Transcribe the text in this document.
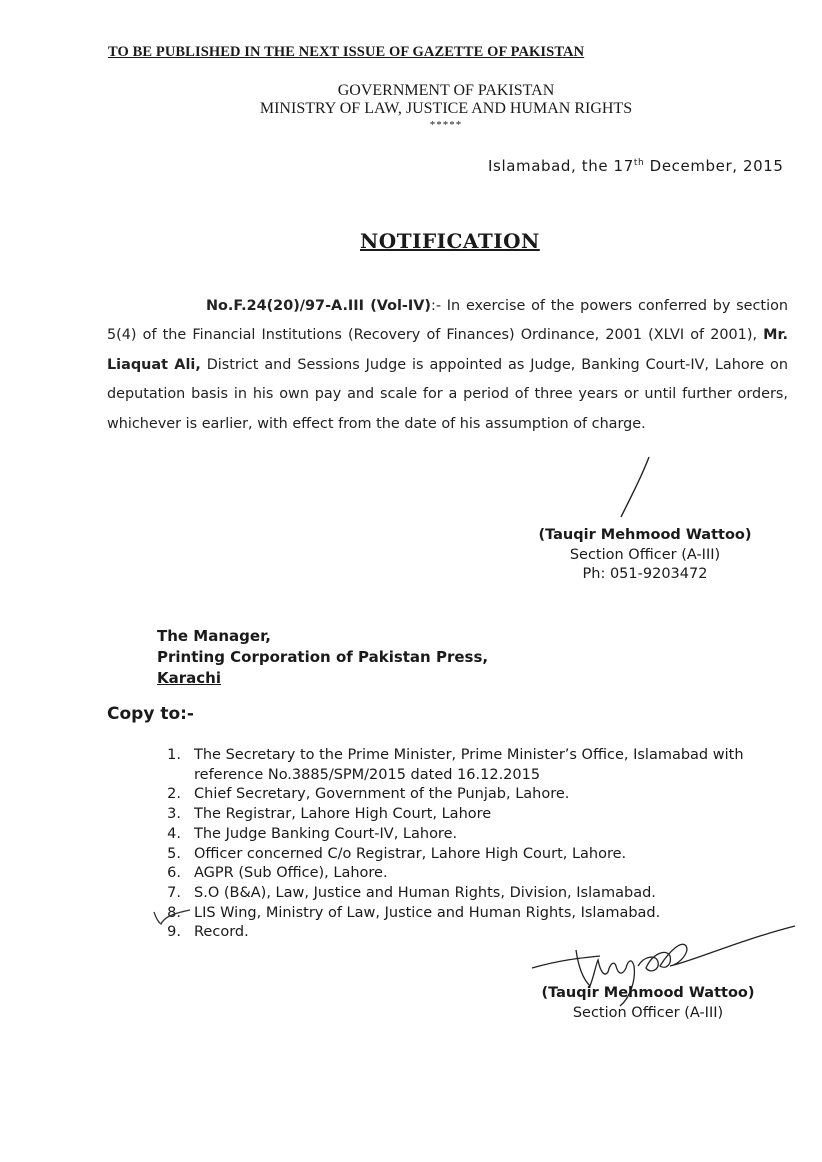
TO BE PUBLISHED IN THE NEXT ISSUE OF GAZETTE OF PAKISTAN
GOVERNMENT OF PAKISTAN
MINISTRY OF LAW, JUSTICE AND HUMAN RIGHTS
*****
Islamabad, the 17th December, 2015
NOTIFICATION
No.F.24(20)/97-A.III (Vol-IV):- In exercise of the powers conferred by section 5(4) of the Financial Institutions (Recovery of Finances) Ordinance, 2001 (XLVI of 2001), Mr. Liaquat Ali, District and Sessions Judge is appointed as Judge, Banking Court-IV, Lahore on deputation basis in his own pay and scale for a period of three years or until further orders, whichever is earlier, with effect from the date of his assumption of charge.
(Tauqir Mehmood Wattoo)
Section Officer (A-III)
Ph: 051-9203472
The Manager,
Printing Corporation of Pakistan Press,
Karachi
Copy to:-
1 .	The Secretary to the Prime Minister, Prime Minister’s Office, Islamabad with
reference No.3885/SPM/2015 dated 16.12.2015
2 .	Chief Secretary, Government of the Punjab, Lahore.
3 .	The Registrar, Lahore High Court, Lahore
4 .	The Judge Banking Court-IV, Lahore.
5 .	Officer concerned C/o Registrar, Lahore High Court, Lahore.
6 .	AGPR (Sub Office), Lahore.
7 .	S.O (B&A), Law, Justice and Human Rights, Division, Islamabad.
8 .	LIS Wing, Ministry of Law, Justice and Human Rights, Islamabad.
9 .	Record.
(Tauqir Mehmood Wattoo)
Section Officer (A-III)
